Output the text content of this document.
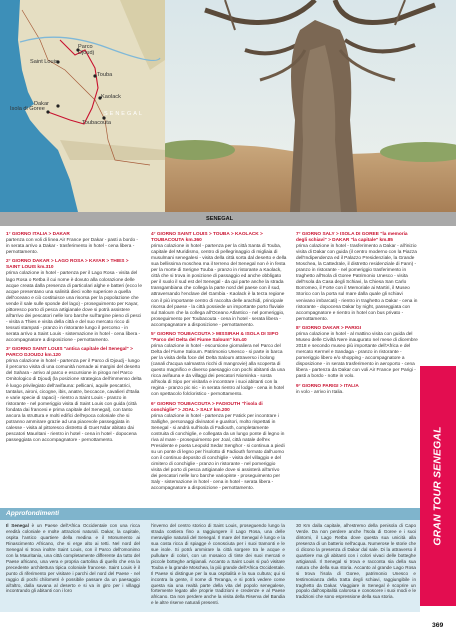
Saint Louis
Parco Djoudj
Dakar
Touba
Kaolack
Isola di Goree
Toubacouta
SENEGAL
SENEGAL
1° GIORNO ITALIA > DAKAR
partenza con voli di linea Air France per Dakar - pasti a bordo - in serata arrivo a Dakar - trasferimento in hotel - cena libera - pernottamento.
2° GIORNO DAKAR > LAGO ROSA > KAYAR > THIES > SAINT LOUIS km.310
prima colazione in hotel - partenza per il Lago Rosa - visita del lago Rosa o Retba il cui nome è dovuto alla colorazione delle acque creata dalla presenza di particolari alghe e batteri (ecco le acque presentano una salinità dieci volte superiore a quella dell'oceano e ciò costituisce una risorsa per la popolazione che vende il sale sulle sponde del lago) - proseguimento per Kayar, pittoresco porto di pesca artigianale dove si potrà assistere all'arrivo dei pescatori nelle loro barche sull'argine pieno di pesci - visita a Thies e visita della città e del suo mercato ricco di tessuti stampati - pranzo in ristorante lungo il percorso - in serata arrivo a Saint Louis - sistemazione in hotel - cena libera - accompagnatore a disposizione - pernottamento.
3° GIORNO SAINT LOUIS "antica capitale del Senegal" > PARCO DJOUDJ km.120
prima colazione in hotel - partenza per il Parco di Djoudj - lungo il percorso visita di una comunità nomade ai margini del deserto del Sahara - arrivo al parco e escursione in pirogo nel Parco Ornitologico di Djoudj (la posizione strategica dell'immenso delta è luogo privilegiato dell'avifauna: pellicani, aquile pescatrici, tantalus, aironi, cicogne, ibis, anatre, beccacce, cavalieri d'Italia e varie specie di rapaci) - rientro a Saint Louis - pranzo in ristorante - nel pomeriggio visita di Saint Louis con guida (città fondata dai francesi e prima capitale del Senegal), con tanto ancora la struttura e molti edifici dell'epoca coloniale che si potranno ammirare grazie ad una piacevole passeggiata in calesse - visita al pittoresco distretto di Guet Ndar abitato dai pescatori Mauritani - rientro in hotel - cena in hotel - dopocena passeggiata con accompagnatore - pernottamento.
4° GIORNO SAINT LOUIS > TOUBA > KAOLACK > TOUBACOUTA km.360
prima colazione in hotel - partenza per la città Santa di Touba, capitale del Muridismo, centro di pellegrinaggio di migliaia di musulmani senegalesi - visita della città sorta dal deserto e della sua bellissima moschea ma il terreno del Senegal non è in festa per la morte di Serigne Touba - pranzo in ristorante a Kaolack, città che si trova in posizione di passaggio ed anche obbligato per il suolo il sud est del Senegal - da qui parte anche la strada transgambiana che collega la parte nord del paese con il sud, attraversando l'enclave del Gambia - Kaolack è la terza regione con il più importante centro di raccolta delle arachidi, principale risorsa del paese - la città possiede un importante porto fluviale sul Saloum che la collega all'Oceano Atlantico - nel pomeriggio, proseguimento per Toubacouta - cena in hotel - serata libera - accompagnatore a disposizione - pernottamento.
5° GIORNO TOUBACOUTA > MISSIRAH & ISOLA DI SIPO "Parco del Delta del Fiume Saloum" km.40
prima colazione in hotel - escursione giornaliera nel Parco del Delta del Fiume Saloum. Patrimonio Unesco - si parte in barca per la visita della foce del Delta Saloum attraverso i bolong (canali d'acqua salmastra ricchi di mangrovie) alla scoperta di questo magnifico e diverso paesaggio con pochi abitanti da una ricca avifauna e da villaggi dei pescatori Niominka - sosta all'isola di Sipo per visitarla e incontrare i suoi abitanti con la regina - pranzo pic nic - in serata rientro al lodge - cena in hotel con spettacolo folcloristico - pernottamento.
6° GIORNO TOUBACOUTA > FADIOUTH "l'isola di conchiglie" > JOAL > SALY km.200
prima colazione in hotel - partenza per Fatick per incontrare i Sallighe, personaggi divinatori e guaritori, molto rispettati in Senegal - si andrà sull'isola di Fadiouth, completamente costruita di conchiglie, e collegata da un lungo ponte di legno in riva al mare - proseguimento per Joal, città natale dell'ex Presidente e poeta Leopold Sedar Senghor - si continua a piedi su un ponte di legno per l'isolotto di Fadiouth formato dall'uomo con il continuo deposito di conchiglie - visita del villaggio e del cimitero di conchiglie - pranzo in ristorante - nel pomeriggio visita del porto di pesca artigianale dove si assisterà all'arrivo dei pescatori nelle loro barche variopinte - proseguimento per Saly - sistemazione in hotel - cena in hotel - serata libera - accompagnatore a disposizione - pernottamento.
7° GIORNO SALY > ISOLA DI GOREE "la memoria degli schiavi" > DAKAR "la capitale" km.85
prima colazione in hotel - trasferimento a Dakar - all'inizio visita di Dakar con guida (il centro moderno con la Piazza dell'Indipendenza ed il Palazzo Presidenziale, la Grande Moschea, la Cattedrale, il distretto residenziale di Fann) - pranzo in ristorante - nel pomeriggio trasferimento in traghetto all'Isola di Goree Patrimonio Unesco - visita dell'Isola da Casa degli Schiavi, la Chiesa San Carlo Borromeo, il Forte con il Memoriale ai Martiri, il Museo Storico con la porta sul mare dalla quale gli schiavi venivano imbarcati) - rientro in traghetto a Dakar - cena in ristorante - dopocena Dakar by night, passeggiata con accompagnatore e rientro in hotel con bus privato - pernottamento.
8° GIORNO DAKAR > PARIGI
prima colazione in hotel - al mattino visita con guida del Museo delle Civiltà Nere inaugurato nel mese di dicembre 2018 e secondo museo più importante dell'Africa e del mercato Kermel e Sandaga - pranzo in ristorante - pomeriggio libero e/o shopping - accompagnatore a disposizione - in serata trasferimento in aeroporto - cena libera - partenza da Dakar con voli Air France per Parigi - pasti a bordo - notte in volo.
9° GIORNO PARIGI > ITALIA
in volo - arrivo in Italia.
Approfondimenti
Il Senegal è un Paese dell'Africa Occidentale con una ricca eredità coloniale e molte attrazioni naturali. Dakar, la capitale, ospita l'antico quartiere della medina e il Monumento ai Rinascimento Africano, che si erge alto ai tetti. Nel nord del Senegal si trova inoltre Saint Louis, con il Parco dell'omonimo con la Mauritania, una città completamente differente da tutto del Paese africano, una vera e propria cartolina di quello che era la precedente architettura tipica coloniale francese. Saint Louis è il punto di riferimento per visitare i parchi del nord del Paese - nel raggio di pochi chilometri è possibile passare da un paesaggio all'altro, dalla savana al deserto e si va in giro per i villaggi incontrando gli abitanti con i loro
l'inverno del centro storico di Saint Louis, proseguendo lungo la strada costiera fino a raggiungere il Lago Rosa, una delle meraviglie naturali del Senegal. Il mare del Senegal è lungo e la sua costa ricca di spiagge è conosciuta per i suoi tramonti e le sue isole. Si potrà ammirare la città sorgere tra le acque e pullulare di colori, con un mosaico di tinte dei suoi mercati e piccole botteghe artigianali. Accanto a Saint Louis si può visitare Touba e la grande Moschea, la più grande dell'Africa Occidentale. Il Paese si distingue per la sua ospitalità e la sua cultura; qui si incontra la gente, il nome di Teranga, e si potrà vedere come questa sia una realtà parte della vita del popolo senegalese, fortemente legato alle proprie tradizioni e credenze e al Paese africano. Da non perdere anche la visita della Riserva del Bandia e le altre riserve naturali presenti.
30 Km dalla capitale, all'estremo della penisola di Capo Verde. Da non perdere anche l'Isola di Goree e i suoi dintorni, il Lago Retba dove questa sua unicità alla presenza di un batterio nell'acqua. Numerose le storie che ci dicono la presenza di Dakar dal sale. Di la attraverso il quartiere ma gli abitanti con i colori vivaci delle botteghe artigianali. Il Senegal si trova e racconta sia della sua natura che della sua storia. Accanto al grande Lago Rosa si trova l'isola di Goree, patrimonio Unesco e testimonianza della tratta degli schiavi, raggiungibile in traghetto da Dakar. Viaggiare in Senegal è scoprire un popolo dall'ospitalità calorosa e conoscere i suoi modi e le tradizioni che sono espressione della sua storia.
GRAN TOUR SENEGAL
369
